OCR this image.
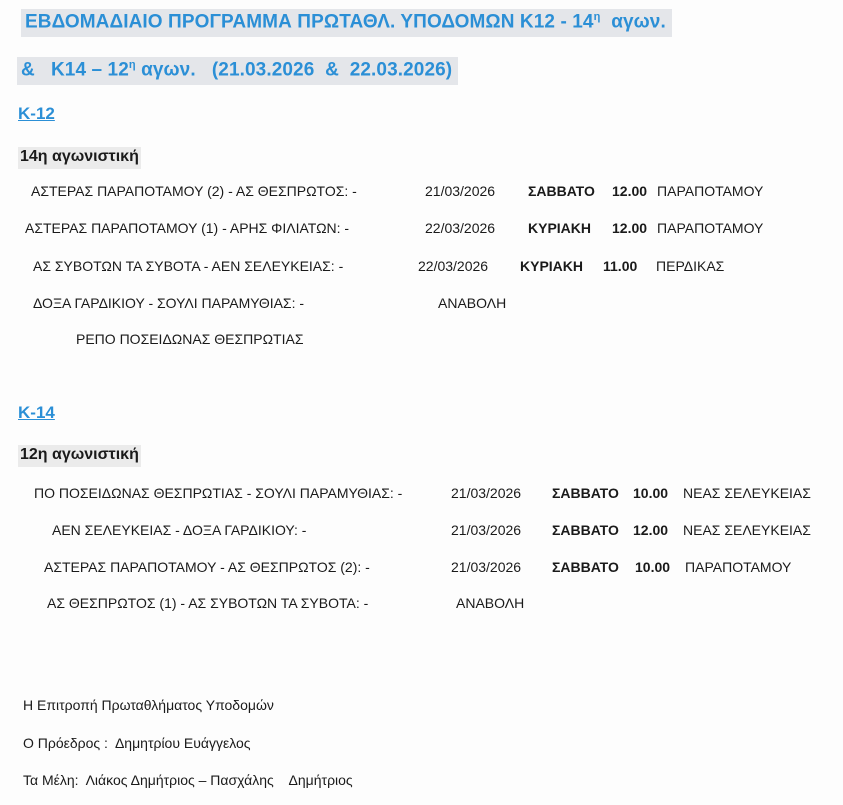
ΕΒΔΟΜΑΔΙΑΙΟ ΠΡΟΓΡΑΜΜΑ ΠΡΩΤΑΘΛ. ΥΠΟΔΟΜΩΝ $K12 - 14^\eta$  αγων.
&   $K14 - 12^\eta$ αγων.   (21.03.2026  &  22.03.2026)
Κ-12
14η αγωνιστική
ΑΣΤΕΡΑΣ ΠΑΡΑΠΟΤΑΜΟΥ (2) - ΑΣ ΘΕΣΠΡΩΤΟΣ: -	21/03/2026 ΣΑΒΒΑΤΟ 12.00 ΠΑΡΑΠΟΤΑΜΟΥ
ΑΣΤΕΡΑΣ ΠΑΡΑΠΟΤΑΜΟΥ (1) - ΑΡΗΣ ΦΙΛΙΑΤΩΝ: -	22/03/2026 ΚΥΡΙΑΚΗ 12.00 ΠΑΡΑΠΟΤΑΜΟΥ
ΑΣ ΣΥΒΟΤΩΝ ΤΑ ΣΥΒΟΤΑ - ΑΕΝ ΣΕΛΕΥΚΕΙΑΣ: -	22/03/2026 ΚΥΡΙΑΚΗ 11.00 ΠΕΡΔΙΚΑΣ
ΔΟΞΑ ΓΑΡΔΙΚΙΟΥ - ΣΟΥΛΙ ΠΑΡΑΜΥΘΙΑΣ: -	ΑΝΑΒΟΛΗ
ΡΕΠΟ ΠΟΣΕΙΔΩΝΑΣ ΘΕΣΠΡΩΤΙΑΣ
Κ-14
12η αγωνιστική
ΠΟ ΠΟΣΕΙΔΩΝΑΣ ΘΕΣΠΡΩΤΙΑΣ - ΣΟΥΛΙ ΠΑΡΑΜΥΘΙΑΣ: -	21/03/2026 ΣΑΒΒΑΤΟ 10.00 ΝΕΑΣ ΣΕΛΕΥΚΕΙΑΣ
ΑΕΝ ΣΕΛΕΥΚΕΙΑΣ - ΔΟΞΑ ΓΑΡΔΙΚΙΟΥ: -	21/03/2026 ΣΑΒΒΑΤΟ 12.00 ΝΕΑΣ ΣΕΛΕΥΚΕΙΑΣ
ΑΣΤΕΡΑΣ ΠΑΡΑΠΟΤΑΜΟΥ - ΑΣ ΘΕΣΠΡΩΤΟΣ (2): -	21/03/2026 ΣΑΒΒΑΤΟ 10.00 ΠΑΡΑΠΟΤΑΜΟΥ
ΑΣ ΘΕΣΠΡΩΤΟΣ (1) - ΑΣ ΣΥΒΟΤΩΝ ΤΑ ΣΥΒΟΤΑ: -	ΑΝΑΒΟΛΗ
Η Επιτροπή Πρωταθλήματος Υποδομών
Ο Πρόεδρος :  Δημητρίου Ευάγγελος
Τα Μέλη:  Λιάκος Δημήτριος – Πασχάλης    Δημήτριος
